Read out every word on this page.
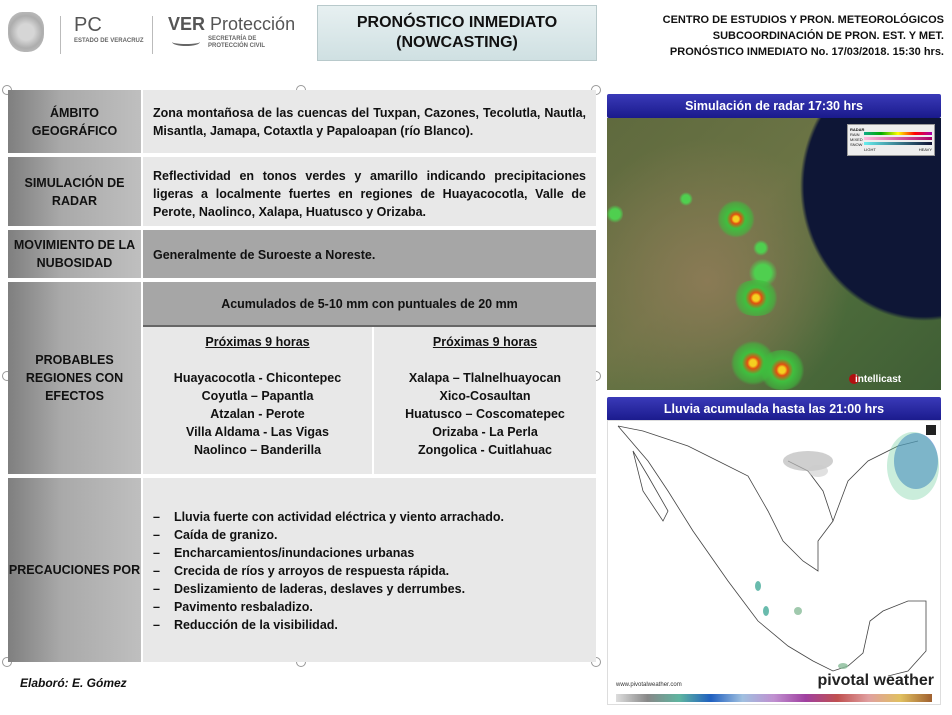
PC
ESTADO DE VERACRUZ
VER Protección
SECRETARÍA DE PROTECCIÓN CIVIL
PRONÓSTICO INMEDIATO
(NOWCASTING)
CENTRO DE ESTUDIOS Y PRON. METEOROLÓGICOS
SUBCOORDINACIÓN DE PRON. EST. Y MET.
PRONÓSTICO INMEDIATO No. 17/03/2018. 15:30 hrs.
ÁMBITO GEOGRÁFICO
Zona montañosa de las cuencas del Tuxpan, Cazones, Tecolutla, Nautla, Misantla, Jamapa, Cotaxtla y Papaloapan (río Blanco).
SIMULACIÓN DE RADAR
Reflectividad en tonos verdes y amarillo indicando precipitaciones ligeras a localmente fuertes en regiones de Huayacocotla, Valle de Perote, Naolinco, Xalapa, Huatusco y Orizaba.
MOVIMIENTO DE LA NUBOSIDAD
Generalmente de Suroeste a Noreste.
PROBABLES REGIONES CON EFECTOS
Acumulados de 5-10 mm con puntuales de 20 mm
Próximas 9 horas
Huayacocotla - Chicontepec
Coyutla – Papantla
Atzalan - Perote
Villa Aldama - Las Vigas
Naolinco – Banderilla
Próximas 9 horas
Xalapa – Tlalnelhuayocan
Xico-Cosaultan
Huatusco – Coscomatepec
Orizaba - La Perla
Zongolica - Cuitlahuac
PRECAUCIONES POR
– Lluvia fuerte con actividad eléctrica y viento arrachado.
– Caída de granizo.
– Encharcamientos/inundaciones urbanas
– Crecida de ríos y arroyos de respuesta rápida.
– Deslizamiento de laderas, deslaves y derrumbes.
– Pavimento resbaladizo.
– Reducción de la visibilidad.
Elaboró: E. Gómez
Simulación de radar 17:30 hrs
RADAR
RAIN
MIXED
SNOW
LIGHT	HEAVY
intellicast
Lluvia acumulada hasta las 21:00 hrs
www.pivotalweather.com	pivotal weather
